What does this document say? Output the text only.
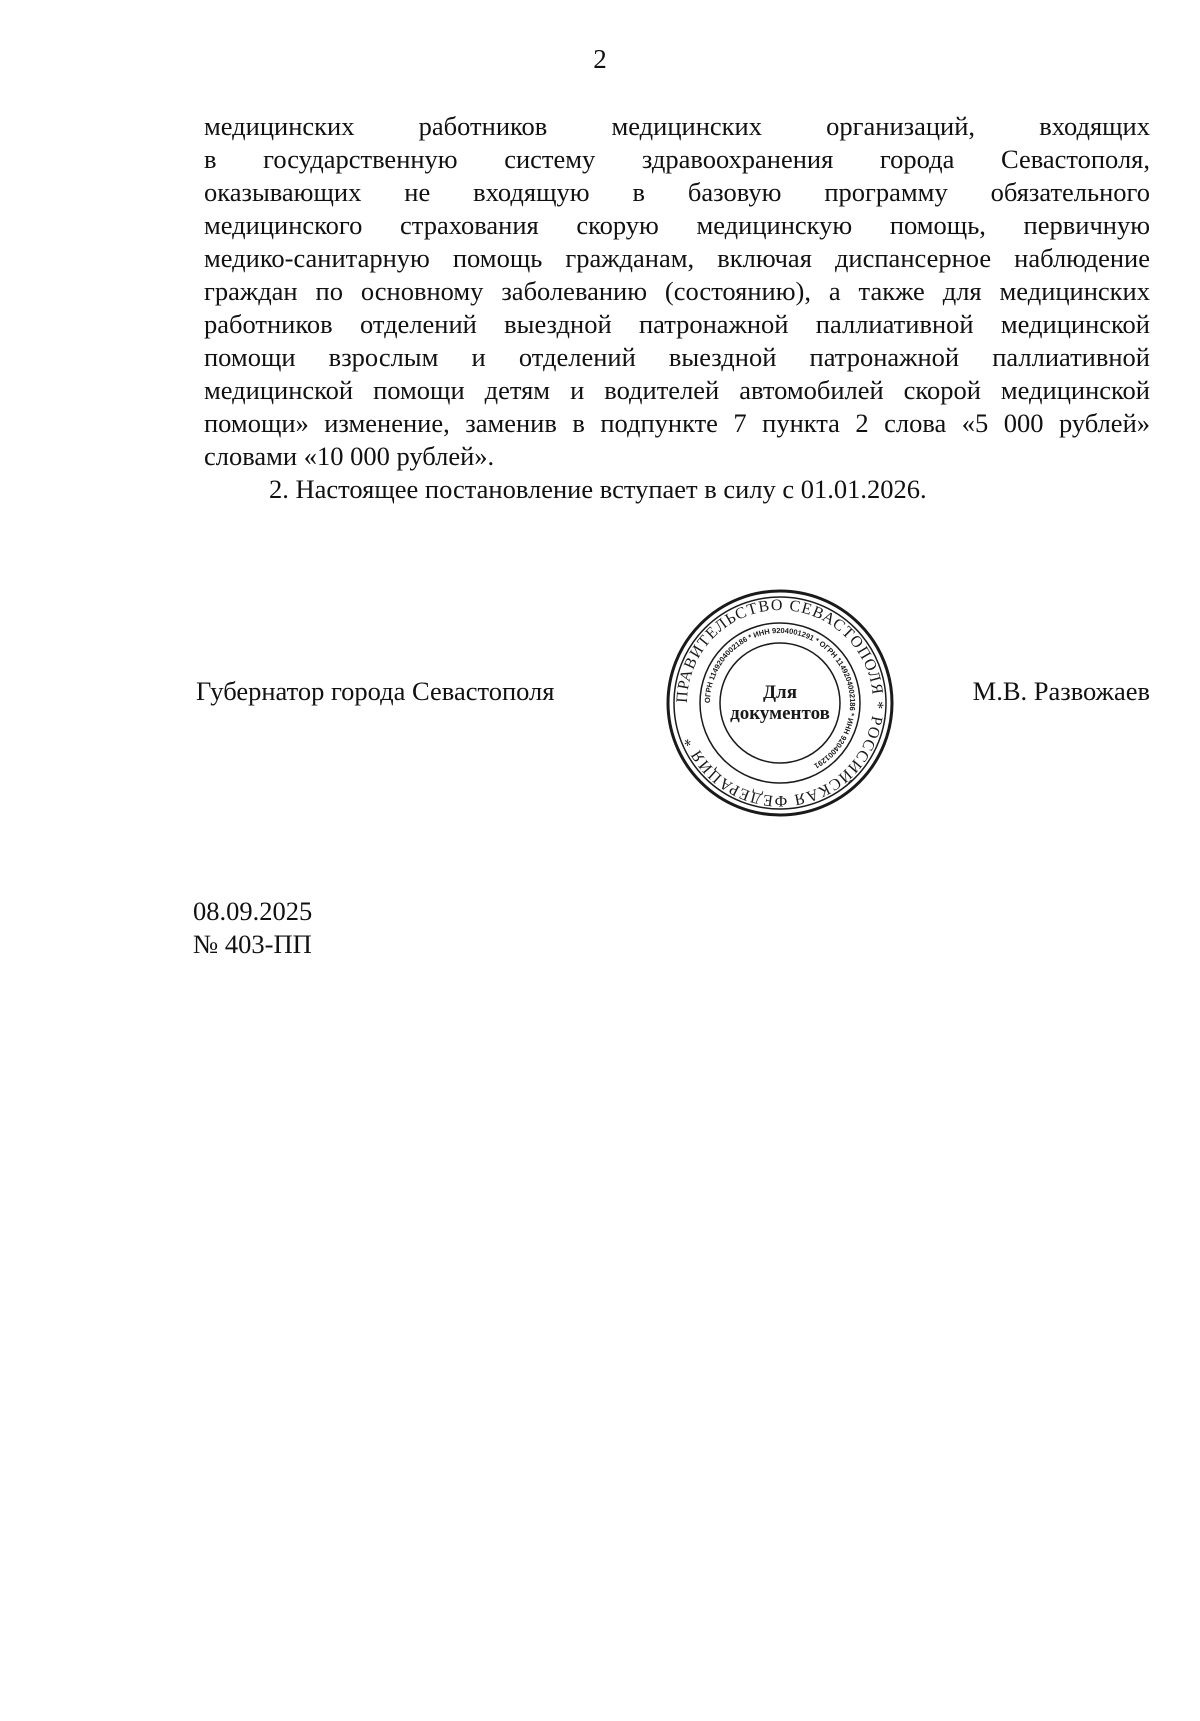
2
медицинских работников медицинских организаций, входящих
в государственную систему здравоохранения города Севастополя,
оказывающих не входящую в базовую программу обязательного
медицинского страхования скорую медицинскую помощь, первичную
медико-санитарную помощь гражданам, включая диспансерное наблюдение
граждан по основному заболеванию (состоянию), а также для медицинских
работников отделений выездной патронажной паллиативной медицинской
помощи взрослым и отделений выездной патронажной паллиативной
медицинской помощи детям и водителей автомобилей скорой медицинской
помощи» изменение, заменив в подпункте 7 пункта 2 слова «5 000 рублей»
словами «10 000 рублей».
2. Настоящее постановление вступает в силу с 01.01.2026.
Губернатор города Севастополя	М.В. Развожаев
ПРАВИТЕЛЬСТВО СЕВАСТОПОЛЯ * РОССИЙСКАЯ ФЕДЕРАЦИЯ *
ОГРН 1149204002186 * ИНН 9204001291 * ОГРН 1149204002186 * ИНН 9204001291
Для
документов
08.09.2025
№ 403-ПП
